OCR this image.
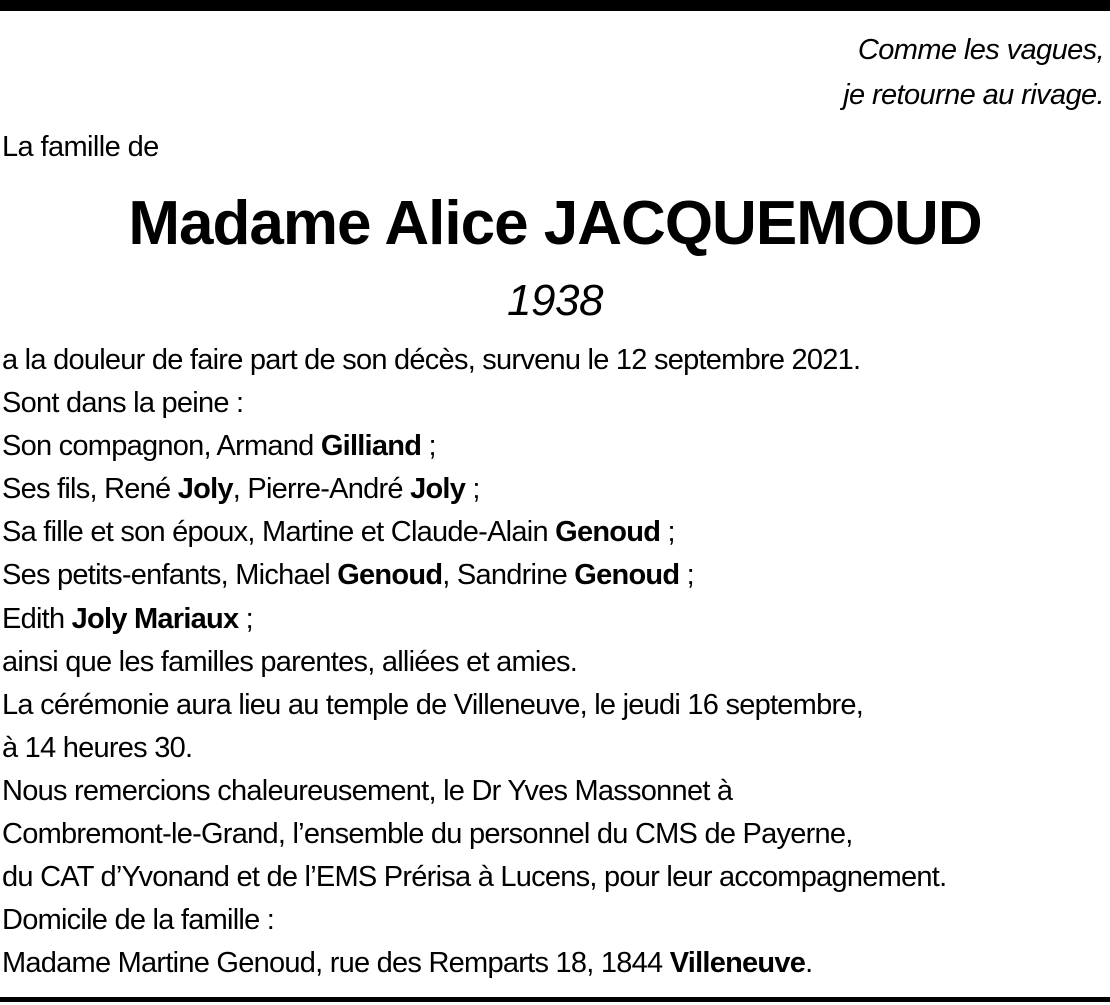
Comme les vagues,
je retourne au rivage.
La famille de
Madame Alice JACQUEMOUD
1938
a la douleur de faire part de son décès, survenu le 12 septembre 2021.
Sont dans la peine :
Son compagnon, Armand Gilliand ;
Ses fils, René Joly, Pierre-André Joly ;
Sa fille et son époux, Martine et Claude-Alain Genoud ;
Ses petits-enfants, Michael Genoud, Sandrine Genoud ;
Edith Joly Mariaux ;
ainsi que les familles parentes, alliées et amies.
La cérémonie aura lieu au temple de Villeneuve, le jeudi 16 septembre,
à 14 heures 30.
Nous remercions chaleureusement, le Dr Yves Massonnet à
Combremont-le-Grand, l’ensemble du personnel du CMS de Payerne,
du CAT d’Yvonand et de l’EMS Prérisa à Lucens, pour leur accompagnement.
Domicile de la famille :
Madame Martine Genoud, rue des Remparts 18, 1844 Villeneuve.
